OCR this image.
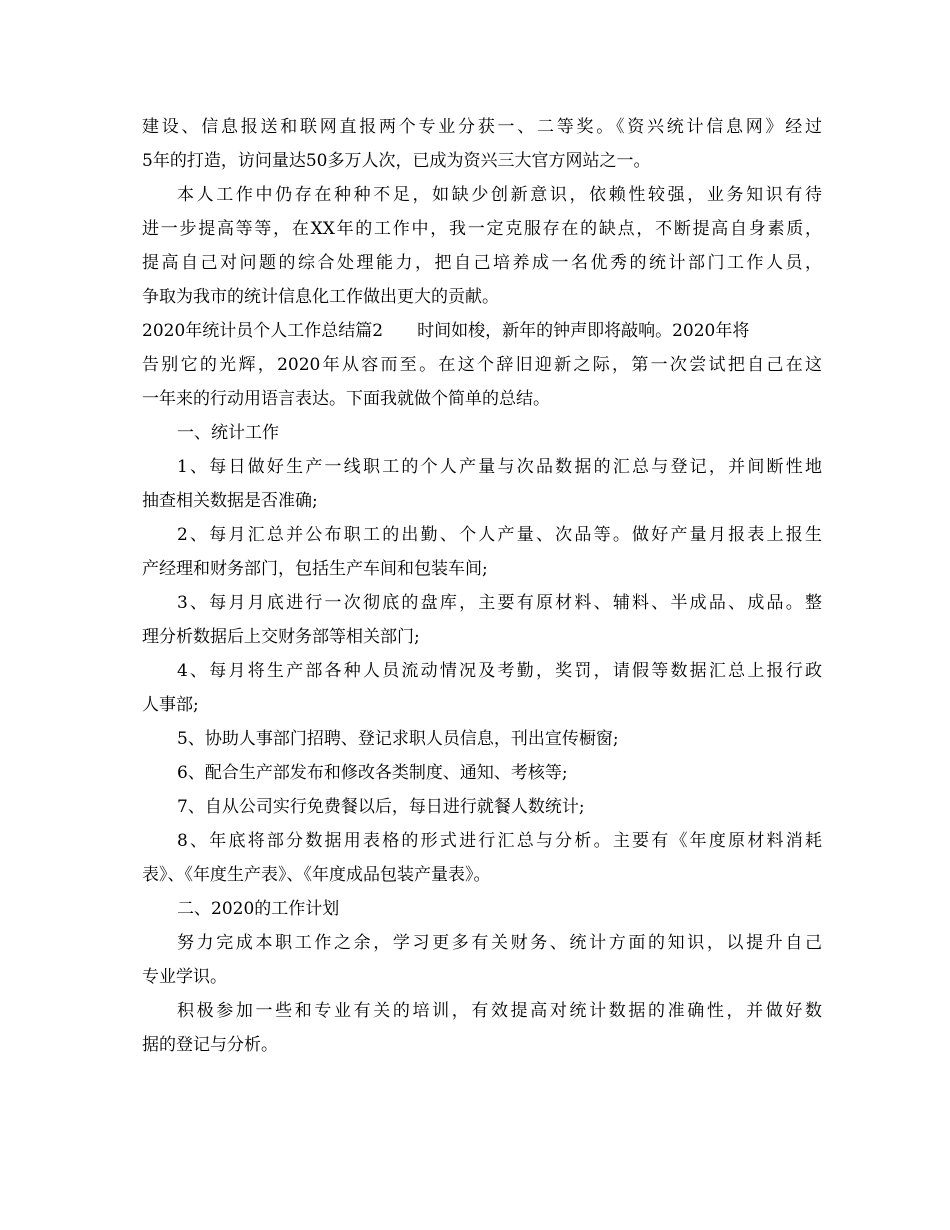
建设、信息报送和联网直报两个专业分获一、二等奖。《资兴统计信息网》经过
5年的打造，访问量达50多万人次，已成为资兴三大官方网站之一。
本人工作中仍存在种种不足，如缺少创新意识，依赖性较强，业务知识有待
进一步提高等等，在XX年的工作中，我一定克服存在的缺点，不断提高自身素质，
提高自己对问题的综合处理能力，把自己培养成一名优秀的统计部门工作人员，
争取为我市的统计信息化工作做出更大的贡献。
2020年统计员个人工作总结篇2 时间如梭，新年的钟声即将敲响。2020年将
告别它的光辉，2020年从容而至。在这个辞旧迎新之际，第一次尝试把自己在这
一年来的行动用语言表达。下面我就做个简单的总结。
一、统计工作
1、每日做好生产一线职工的个人产量与次品数据的汇总与登记，并间断性地
抽查相关数据是否准确;
2、每月汇总并公布职工的出勤、个人产量、次品等。做好产量月报表上报生
产经理和财务部门，包括生产车间和包装车间;
3、每月月底进行一次彻底的盘库，主要有原材料、辅料、半成品、成品。整
理分析数据后上交财务部等相关部门;
4、每月将生产部各种人员流动情况及考勤，奖罚，请假等数据汇总上报行政
人事部;
5、协助人事部门招聘、登记求职人员信息，刊出宣传橱窗;
6、配合生产部发布和修改各类制度、通知、考核等;
7、自从公司实行免费餐以后，每日进行就餐人数统计;
8、年底将部分数据用表格的形式进行汇总与分析。主要有《年度原材料消耗
表》、《年度生产表》、《年度成品包装产量表》。
二、2020的工作计划
努力完成本职工作之余，学习更多有关财务、统计方面的知识，以提升自己
专业学识。
积极参加一些和专业有关的培训，有效提高对统计数据的准确性，并做好数
据的登记与分析。
